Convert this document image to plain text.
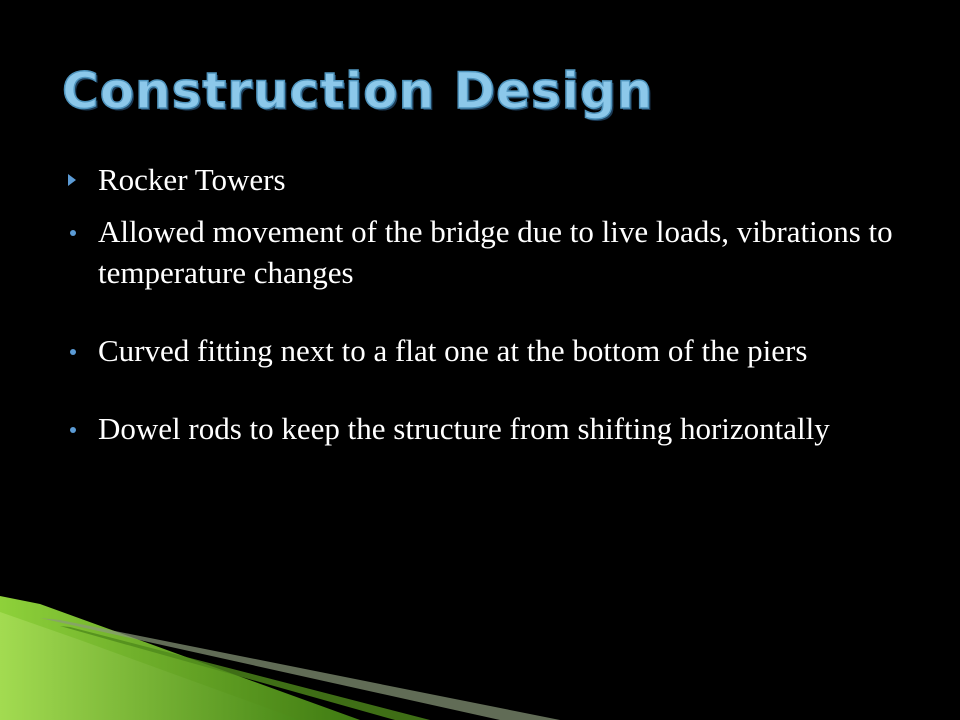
Construction Design
Rocker Towers
Allowed movement of the bridge due to live loads, vibrations to temperature changes
Curved fitting next to a flat one at the bottom of the piers
Dowel rods to keep the structure from shifting horizontally
